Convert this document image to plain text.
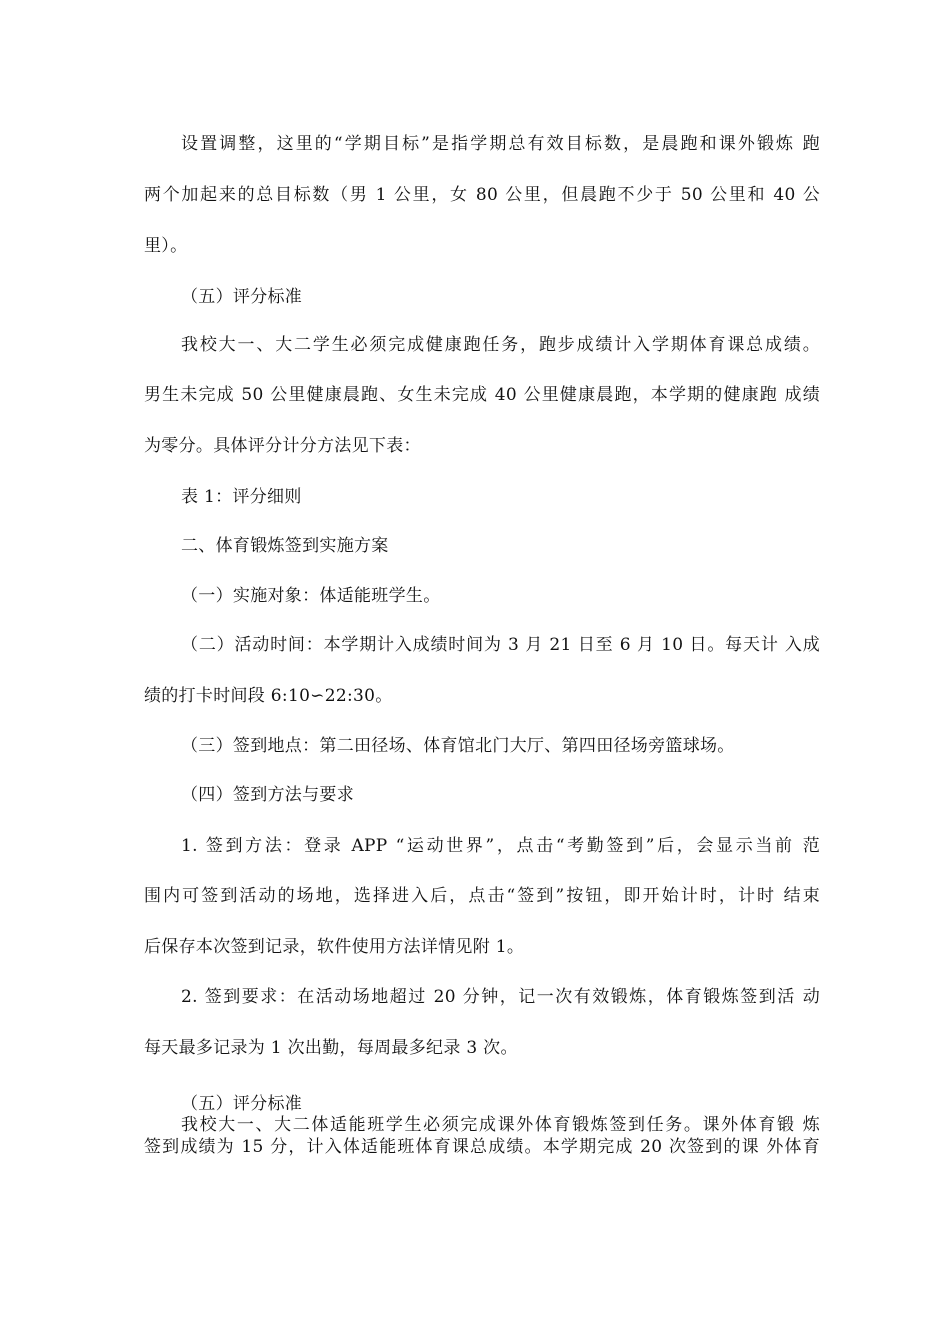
设置调整，这里的“学期目标”是指学期总有效目标数，是晨跑和课外锻炼 跑
两个加起来的总目标数（男 1 公里，女 80 公里，但晨跑不少于 50 公里和 40 公
里）。
（五）评分标准
我校大一、大二学生必须完成健康跑任务，跑步成绩计入学期体育课总成绩。
男生未完成 50 公里健康晨跑、女生未完成 40 公里健康晨跑，本学期的健康跑 成绩
为零分。具体评分计分方法见下表：
表 1：评分细则
二、体育锻炼签到实施方案
（一）实施对象：体适能班学生。
（二）活动时间：本学期计入成绩时间为 3 月 21 日至 6 月 10 日。每天计 入成
绩的打卡时间段 6:10∽22:30。
（三）签到地点：第二田径场、体育馆北门大厅、第四田径场旁篮球场。
（四）签到方法与要求
1. 签到方法：登录 APP “运动世界”，点击“考勤签到”后，会显示当前 范
围内可签到活动的场地，选择进入后，点击“签到”按钮，即开始计时，计时 结束
后保存本次签到记录，软件使用方法详情见附 1。
2. 签到要求：在活动场地超过 20 分钟，记一次有效锻炼，体育锻炼签到活 动
每天最多记录为 1 次出勤，每周最多纪录 3 次。
（五）评分标准
我校大一、大二体适能班学生必须完成课外体育锻炼签到任务。课外体育锻 炼
签到成绩为 15 分，计入体适能班体育课总成绩。本学期完成 20 次签到的课 外体育
